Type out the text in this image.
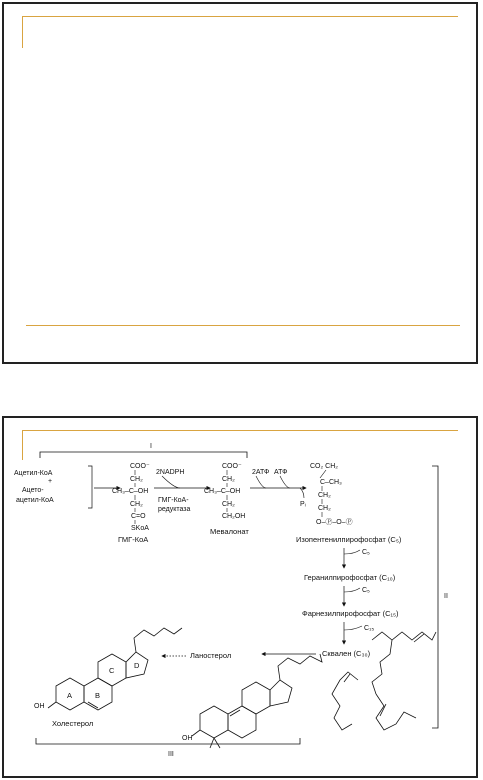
I
Ацетил-КоА
+
Ацето-
ацетил-КоА
COO⁻
CH₂
CH₃–C–OH
CH₂
C=O
SKoA
ГМГ-КоА
2NADPH
ГМГ-КоА-
редуктаза
COO⁻
CH₂
CH₃–C–OH
CH₂
CH₂OH
Мевалонат
2АТФ АТФ
Pᵢ
CO₂ CH₂
C–CH₃
CH₂
CH₂
O–Ⓟ–O–Ⓟ
Изопентенилпирофосфат (C₅)
C₅
Геранилпирофосфат (C₁₀)
C₅
Фарнезилпирофосфат (C₁₅)
C₁₅
Сквален (C₃₀)
II
OH
Ланостерол
OH
A	B
C
D
Холестерол
III
